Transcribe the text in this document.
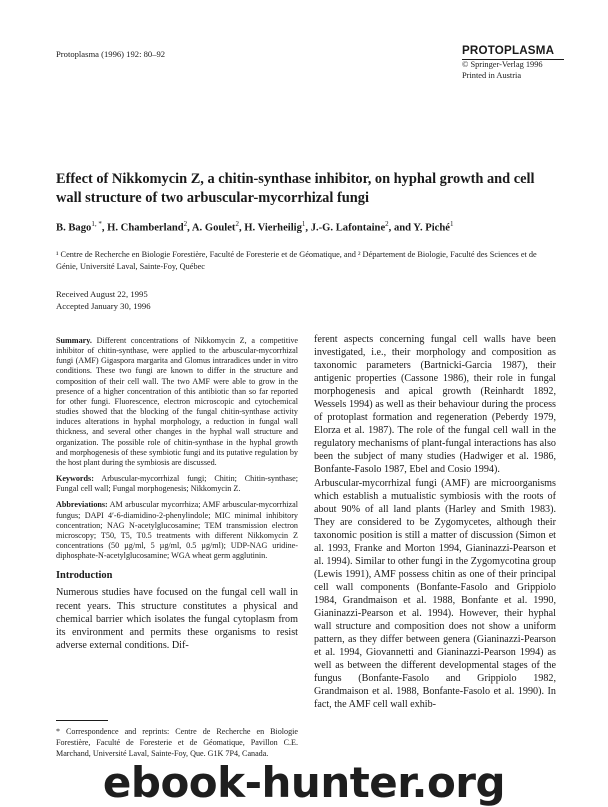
Protoplasma (1996) 192: 80–92	PROTOPLASMA
© Springer-Verlag 1996
Printed in Austria
Effect of Nikkomycin Z, a chitin-synthase inhibitor, on hyphal growth and cell wall structure of two arbuscular-mycorrhizal fungi
B. Bago$^{1,}$ *, H. Chamberland$^2$, A. Goulet$^2$, H. Vierheilig$^1$, J.-G. Lafontaine$^2$, and Y. Piché$^1$
¹ Centre de Recherche en Biologie Forestière, Faculté de Foresterie et de Géomatique, and ² Département de Biologie, Faculté des Sciences et de Génie, Université Laval, Sainte-Foy, Québec
Received August 22, 1995
Accepted January 30, 1996

Summary. Different concentrations of Nikkomycin Z, a competitive inhibitor of chitin-synthase, were applied to the arbuscular-mycorrhizal fungi (AMF) Gigaspora margarita and Glomus intraradices under in vitro conditions. These two fungi are known to differ in the structure and composition of their cell wall. The two AMF were able to grow in the presence of a higher concentration of this antibiotic than so far reported for other fungi. Fluorescence, electron microscopic and cytochemical studies showed that the blocking of the fungal chitin-synthase activity induces alterations in hyphal morphology, a reduction in fungal wall thickness, and several other changes in the hyphal wall structure and organization. The possible role of chitin-synthase in the hyphal growth and morphogenesis of these symbiotic fungi and its putative regulation by the host plant during the symbiosis are discussed.

Keywords: Arbuscular-mycorrhizal fungi; Chitin; Chitin-synthase; Fungal cell wall; Fungal morphogenesis; Nikkomycin Z.

Abbreviations: AM arbuscular mycorrhiza; AMF arbuscular-mycorrhizal fungus; DAPI 4′-6-diamidino-2-phenylindole; MIC minimal inhibitory concentration; NAG N-acetylglucosamine; TEM transmission electron microscopy; T50, T5, T0.5 treatments with different Nikkomycin Z concentrations (50 µg/ml, 5 µg/ml, 0.5 µg/ml); UDP-NAG uridine-diphosphate-N-acetylglucosamine; WGA wheat germ agglutinin.

Introduction
Numerous studies have focused on the fungal cell wall in recent years. This structure constitutes a physical and chemical barrier which isolates the fungal cytoplasm from its environment and permits these organisms to resist adverse external conditions. Dif-
* Correspondence and reprints: Centre de Recherche en Biologie Forestière, Faculté de Foresterie et de Géomatique, Pavillon C.E. Marchand, Université Laval, Sainte-Foy, Que. G1K 7P4, Canada.

ferent aspects concerning fungal cell walls have been investigated, i.e., their morphology and composition as taxonomic parameters (Bartnicki-Garcia 1987), their antigenic properties (Cassone 1986), their role in fungal morphogenesis and apical growth (Reinhardt 1892, Wessels 1994) as well as their behaviour during the process of protoplast formation and regeneration (Peberdy 1979, Elorza et al. 1987). The role of the fungal cell wall in the regulatory mechanisms of plant-fungal interactions has also been the subject of many studies (Hadwiger et al. 1986, Bonfante-Fasolo 1987, Ebel and Cosio 1994).

Arbuscular-mycorrhizal fungi (AMF) are microorganisms which establish a mutualistic symbiosis with the roots of about 90% of all land plants (Harley and Smith 1983). They are considered to be Zygomycetes, although their taxonomic position is still a matter of discussion (Simon et al. 1993, Franke and Morton 1994, Gianinazzi-Pearson et al. 1994). Similar to other fungi in the Zygomycotina group (Lewis 1991), AMF possess chitin as one of their principal cell wall components (Bonfante-Fasolo and Grippiolo 1984, Grandmaison et al. 1988, Bonfante et al. 1990, Gianinazzi-Pearson et al. 1994). However, their hyphal wall structure and composition does not show a uniform pattern, as they differ between genera (Gianinazzi-Pearson et al. 1994, Giovannetti and Gianinazzi-Pearson 1994) as well as between the different developmental stages of the fungus (Bonfante-Fasolo and Grippiolo 1982, Grandmaison et al. 1988, Bonfante-Fasolo et al. 1990). In fact, the AMF cell wall exhib-

ebook-hunter.org
